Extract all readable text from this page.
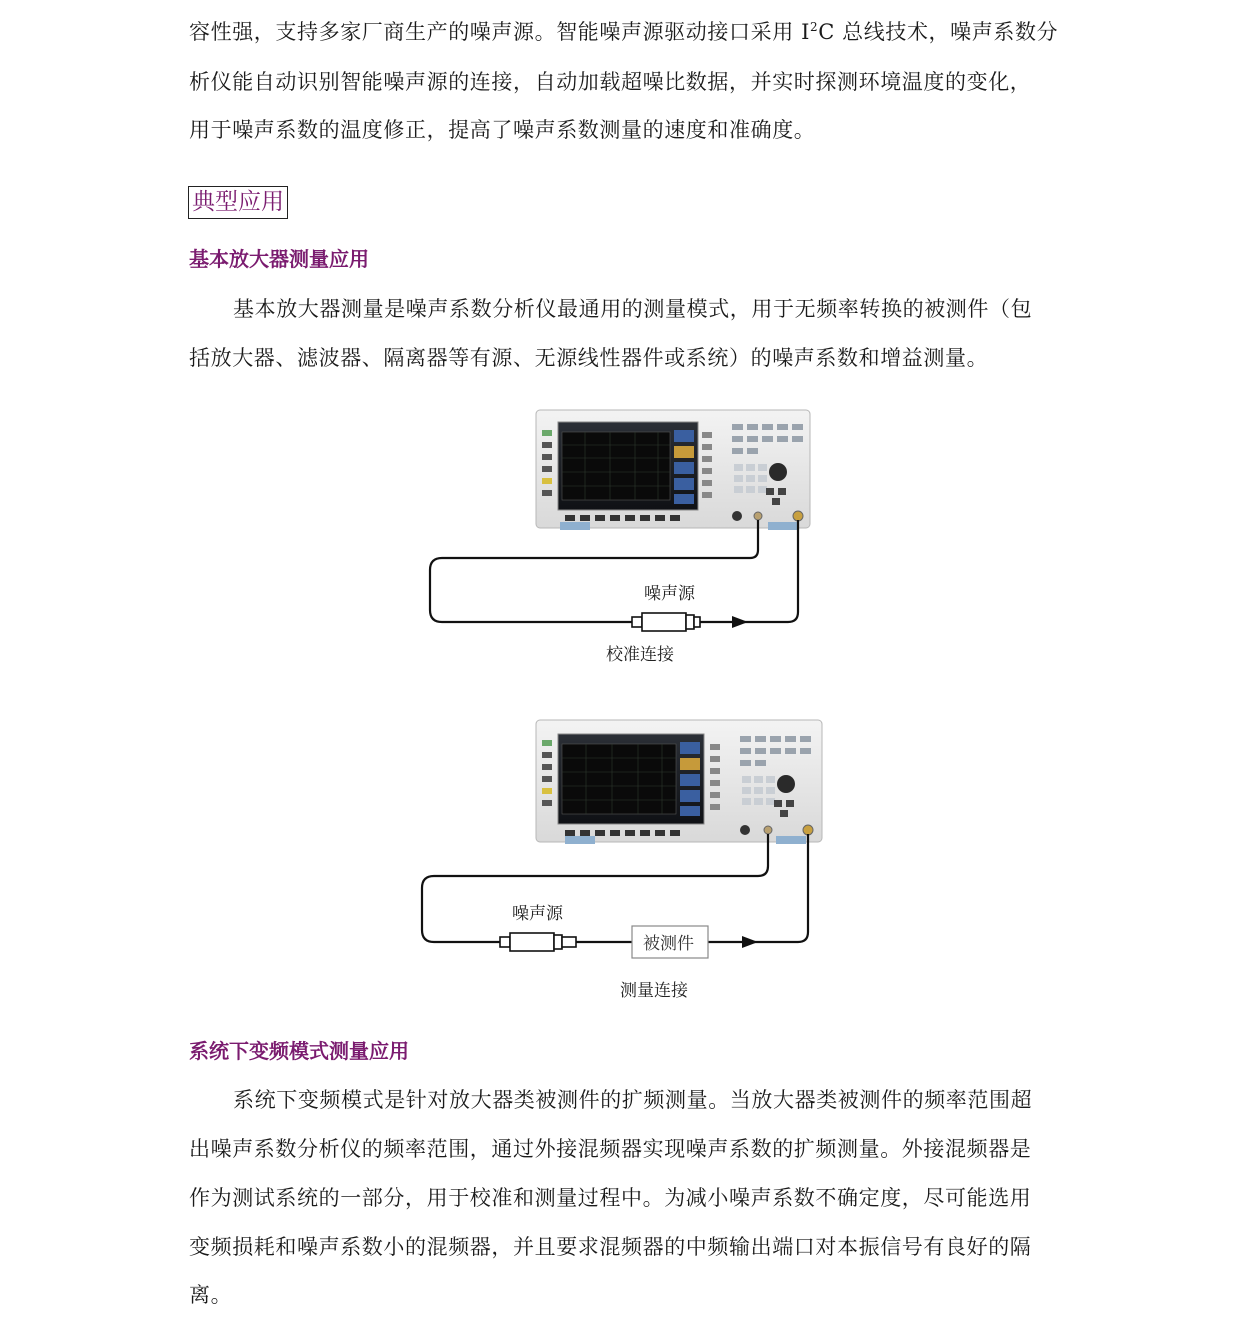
容性强，支持多家厂商生产的噪声源。智能噪声源驱动接口采用 $I^2C$ 总线技术，噪声系数分
析仪能自动识别智能噪声源的连接，自动加载超噪比数据，并实时探测环境温度的变化，
用于噪声系数的温度修正，提高了噪声系数测量的速度和准确度。
典型应用
基本放大器测量应用
基本放大器测量是噪声系数分析仪最通用的测量模式，用于无频率转换的被测件（包
括放大器、滤波器、隔离器等有源、无源线性器件或系统）的噪声系数和增益测量。
噪声源
校准连接
被测件
噪声源
测量连接
系统下变频模式测量应用
系统下变频模式是针对放大器类被测件的扩频测量。当放大器类被测件的频率范围超
出噪声系数分析仪的频率范围，通过外接混频器实现噪声系数的扩频测量。外接混频器是
作为测试系统的一部分，用于校准和测量过程中。为减小噪声系数不确定度，尽可能选用
变频损耗和噪声系数小的混频器，并且要求混频器的中频输出端口对本振信号有良好的隔
离。
